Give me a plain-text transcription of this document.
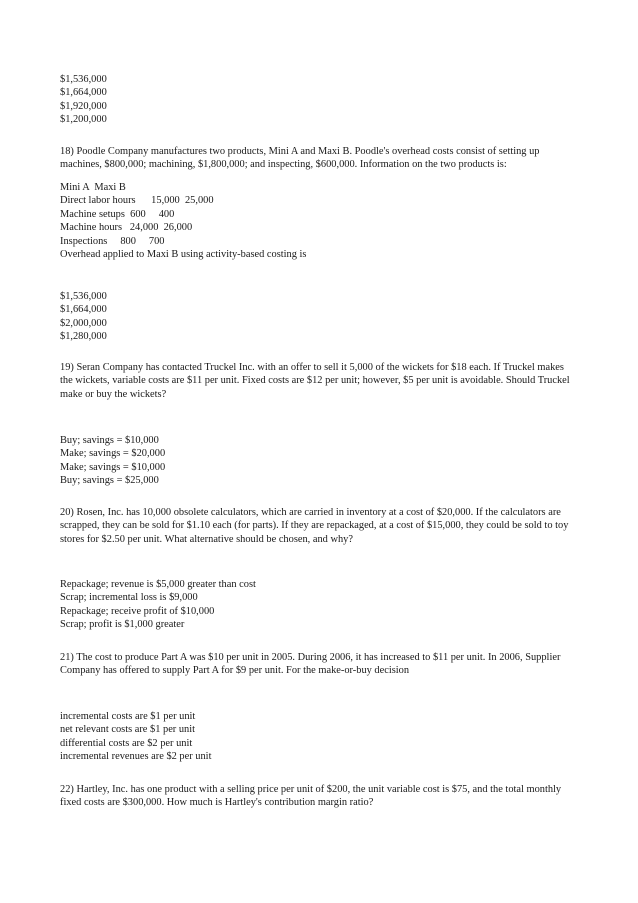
$1,536,000
$1,664,000
$1,920,000
$1,200,000
18) Poodle Company manufactures two products, Mini A and Maxi B. Poodle's overhead costs consist of setting up
machines, $800,000; machining, $1,800,000; and inspecting, $600,000. Information on the two products is:
Mini A  Maxi B
Direct labor hours      15,000  25,000
Machine setups  600     400
Machine hours   24,000  26,000
Inspections     800     700
Overhead applied to Maxi B using activity-based costing is
$1,536,000
$1,664,000
$2,000,000
$1,280,000
19) Seran Company has contacted Truckel Inc. with an offer to sell it 5,000 of the wickets for $18 each. If Truckel makes
the wickets, variable costs are $11 per unit. Fixed costs are $12 per unit; however, $5 per unit is avoidable. Should Truckel
make or buy the wickets?
Buy; savings = $10,000
Make; savings = $20,000
Make; savings = $10,000
Buy; savings = $25,000
20) Rosen, Inc. has 10,000 obsolete calculators, which are carried in inventory at a cost of $20,000. If the calculators are
scrapped, they can be sold for $1.10 each (for parts). If they are repackaged, at a cost of $15,000, they could be sold to toy
stores for $2.50 per unit. What alternative should be chosen, and why?
Repackage; revenue is $5,000 greater than cost
Scrap; incremental loss is $9,000
Repackage; receive profit of $10,000
Scrap; profit is $1,000 greater
21) The cost to produce Part A was $10 per unit in 2005. During 2006, it has increased to $11 per unit. In 2006, Supplier
Company has offered to supply Part A for $9 per unit. For the make-or-buy decision
incremental costs are $1 per unit
net relevant costs are $1 per unit
differential costs are $2 per unit
incremental revenues are $2 per unit
22) Hartley, Inc. has one product with a selling price per unit of $200, the unit variable cost is $75, and the total monthly
fixed costs are $300,000. How much is Hartley's contribution margin ratio?
